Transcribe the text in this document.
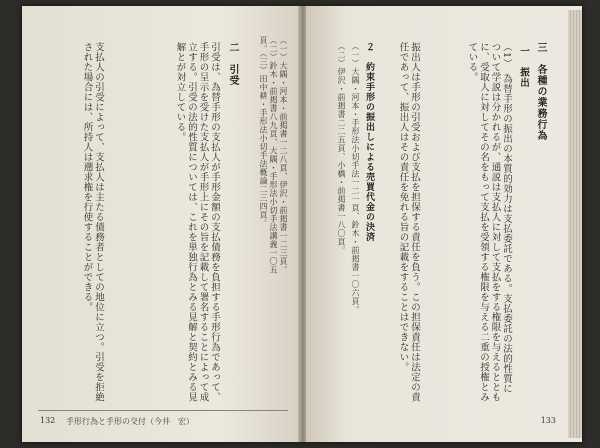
（一）大隅・河本・前掲書一二八頁、伊沢・前掲書一二三頁。（二）鈴木・前掲書八九頁、大隅・手形法小切手法講義一〇五頁。（三）田中耕・手形法小切手法概論二三四頁。
二　引受
引受は、為替手形の支払人が手形金額の支払債務を負担する手形行為であって、手形の呈示を受けた支払人が手形上にその旨を記載して署名することによって成立する。引受の法的性質については、これを単独行為とみる見解と契約とみる見解とが対立している。
支払人の引受によって、支払人は主たる債務者としての地位に立つ。引受を拒絶された場合には、所持人は遡求権を行使することができる。
132 手形行為と手形の交付（今井　宏）
三　各種の業務行為
一　振出
（1）　為替手形の振出の本質的効力は支払委託である。支払委託の法的性質について学説は分かれるが、通説は支払人に対して支払をする権限を与えるとともに、受取人に対してその名をもって支払を受領する権限を与える二重の授権とみている。
振出人は手形の引受および支払を担保する責任を負う。この担保責任は法定の責任であって、振出人はその責任を免れる旨の記載をすることはできない。
２　約束手形の振出しによる売買代金の決済
（一）大隅・河本・手形法小切手法一二一頁、鈴木・前掲書一〇六頁。
（二）伊沢・前掲書二二五頁、小橋・前掲書一八〇頁。
133
